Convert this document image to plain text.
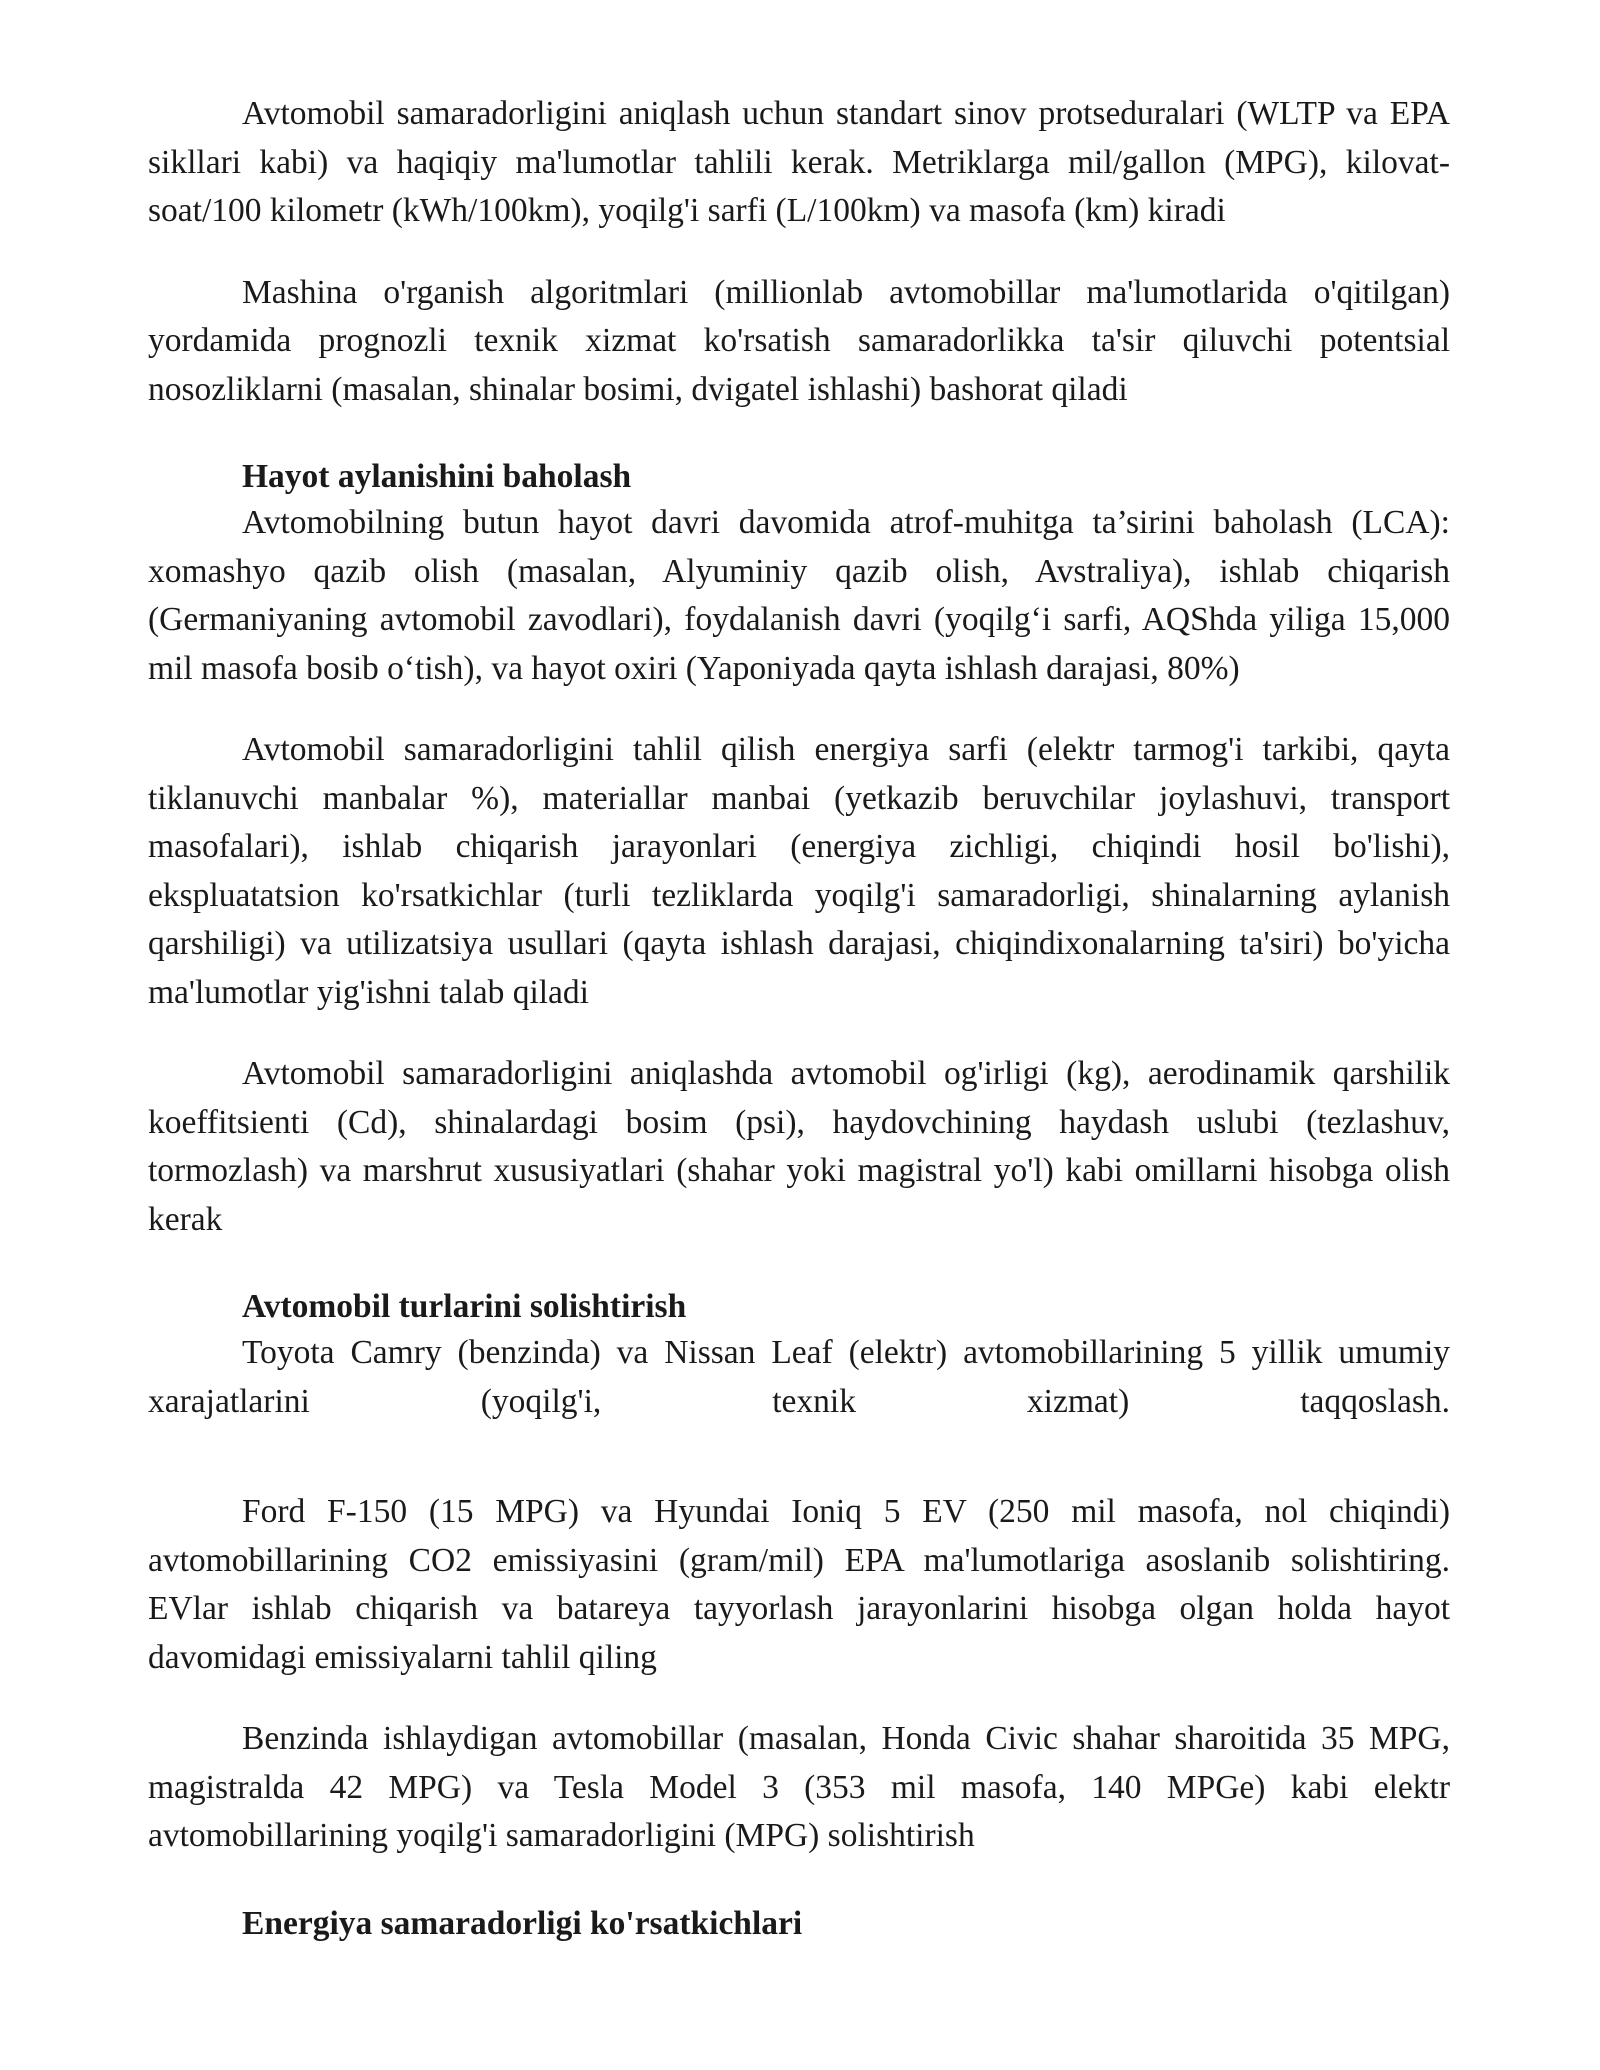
Avtomobil samaradorligini aniqlash uchun standart sinov protseduralari (WLTP va EPA sikllari kabi) va haqiqiy ma'lumotlar tahlili kerak. Metriklarga mil/gallon (MPG), kilovat-soat/100 kilometr (kWh/100km), yoqilg'i sarfi (L/100km) va masofa (km) kiradi

Mashina o'rganish algoritmlari (millionlab avtomobillar ma'lumotlarida o'qitilgan) yordamida prognozli texnik xizmat ko'rsatish samaradorlikka ta'sir qiluvchi potentsial nosozliklarni (masalan, shinalar bosimi, dvigatel ishlashi) bashorat qiladi

Hayot aylanishini baholash

Avtomobilning butun hayot davri davomida atrof-muhitga ta’sirini baholash (LCA): xomashyo qazib olish (masalan, Alyuminiy qazib olish, Avstraliya), ishlab chiqarish (Germaniyaning avtomobil zavodlari), foydalanish davri (yoqilg‘i sarfi, AQShda yiliga 15,000 mil masofa bosib o‘tish), va hayot oxiri (Yaponiyada qayta ishlash darajasi, 80%)

Avtomobil samaradorligini tahlil qilish energiya sarfi (elektr tarmog'i tarkibi, qayta tiklanuvchi manbalar %), materiallar manbai (yetkazib beruvchilar joylashuvi, transport masofalari), ishlab chiqarish jarayonlari (energiya zichligi, chiqindi hosil bo'lishi), ekspluatatsion ko'rsatkichlar (turli tezliklarda yoqilg'i samaradorligi, shinalarning aylanish qarshiligi) va utilizatsiya usullari (qayta ishlash darajasi, chiqindixonalarning ta'siri) bo'yicha ma'lumotlar yig'ishni talab qiladi

Avtomobil samaradorligini aniqlashda avtomobil og'irligi (kg), aerodinamik qarshilik koeffitsienti (Cd), shinalardagi bosim (psi), haydovchining haydash uslubi (tezlashuv, tormozlash) va marshrut xususiyatlari (shahar yoki magistral yo'l) kabi omillarni hisobga olish kerak

Avtomobil turlarini solishtirish

Toyota Camry (benzinda) va Nissan Leaf (elektr) avtomobillarining 5 yillik umumiy xarajatlarini (yoqilg'i, texnik xizmat) taqqoslash.

Ford F-150 (15 MPG) va Hyundai Ioniq 5 EV (250 mil masofa, nol chiqindi) avtomobillarining CO2 emissiyasini (gram/mil) EPA ma'lumotlariga asoslanib solishtiring. EVlar ishlab chiqarish va batareya tayyorlash jarayonlarini hisobga olgan holda hayot davomidagi emissiyalarni tahlil qiling

Benzinda ishlaydigan avtomobillar (masalan, Honda Civic shahar sharoitida 35 MPG, magistralda 42 MPG) va Tesla Model 3 (353 mil masofa, 140 MPGe) kabi elektr avtomobillarining yoqilg'i samaradorligini (MPG) solishtirish

Energiya samaradorligi ko'rsatkichlari
